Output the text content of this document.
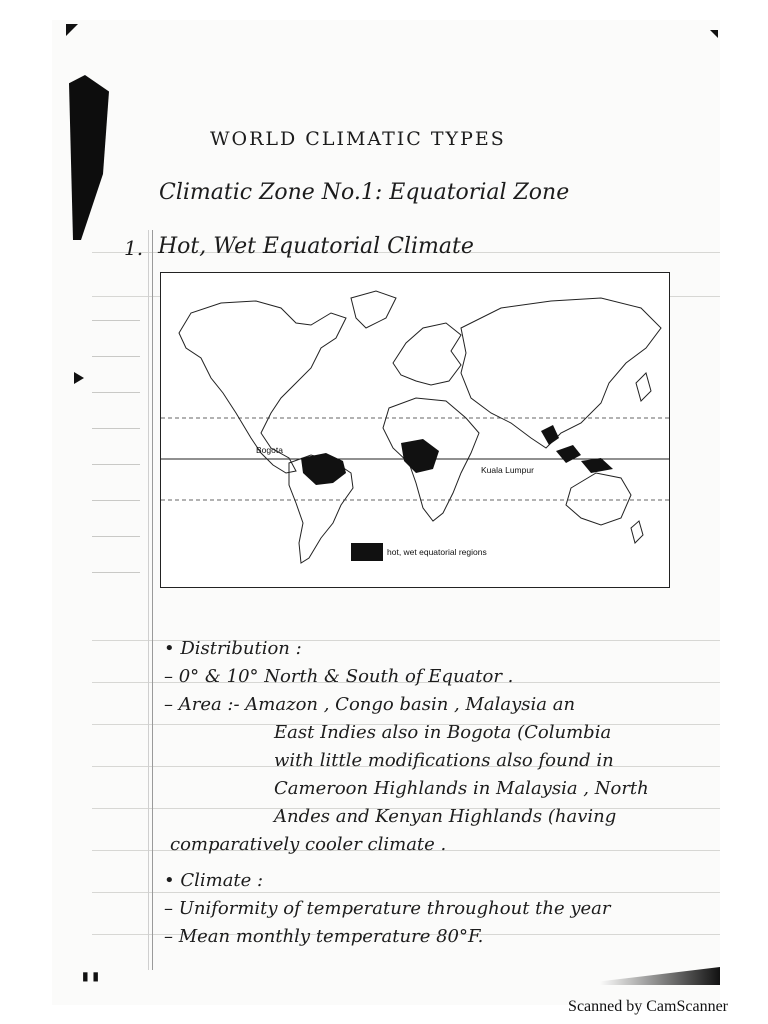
▮ ▮
WORLD CLIMATIC TYPES
Climatic Zone No.1: Equatorial Zone
1. Hot, Wet Equatorial Climate
Bogota
Kuala Lumpur
hot, wet equatorial regions
• Distribution :
– 0° & 10° North & South of Equator .
– Area :- Amazon , Congo basin , Malaysia an
East Indies also in Bogota (Columbia
with little modifications also found in
Cameroon Highlands in Malaysia , North
Andes and Kenyan Highlands (having
comparatively cooler climate .
• Climate :
– Uniformity of temperature throughout the year
– Mean monthly temperature 80°F.
Scanned by CamScanner
